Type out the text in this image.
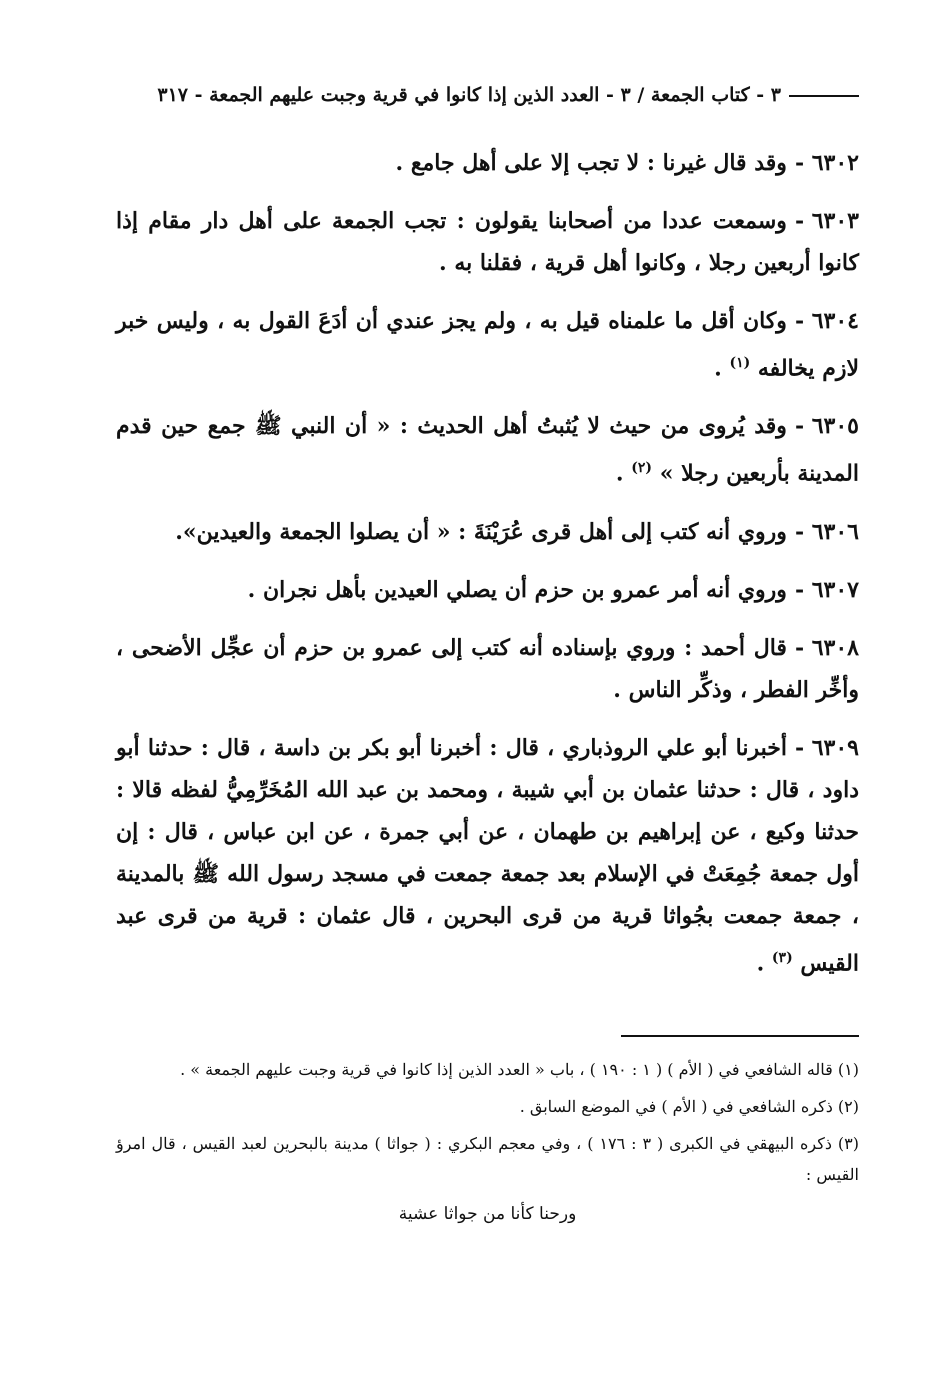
٣ - كتاب الجمعة / ٣ - العدد الذين إذا كانوا في قرية وجبت عليهم الجمعة - ٣١٧

٦٣٠٢ -وقد قال غيرنا : لا تجب إلا على أهل جامع .

٦٣٠٣ -وسمعت عددا من أصحابنا يقولون : تجب الجمعة على أهل دار مقام إذا كانوا أربعين رجلا ، وكانوا أهل قرية ، فقلنا به .

٦٣٠٤ -وكان أقل ما علمناه قيل به ، ولم يجز عندي أن أدَعَ القول به ، وليس خبر لازم يخالفه $^{(١)}$ .

٦٣٠٥ -وقد يُروى من حيث لا يُثبتُ أهل الحديث : « أن النبي ﷺ جمع حين قدم المدينة بأربعين رجلا » $^{(٢)}$ .

٦٣٠٦ -وروي أنه كتب إلى أهل قرى عُرَيْنَةَ : « أن يصلوا الجمعة والعيدين».

٦٣٠٧ -وروي أنه أمر عمرو بن حزم أن يصلي العيدين بأهل نجران .

٦٣٠٨ -قال أحمد : وروي بإسناده أنه كتب إلى عمرو بن حزم أن عجِّل الأضحى ، وأخِّر الفطر ، وذكِّر الناس .

٦٣٠٩ -أخبرنا أبو علي الروذباري ، قال : أخبرنا أبو بكر بن داسة ، قال : حدثنا أبو داود ، قال : حدثنا عثمان بن أبي شيبة ، ومحمد بن عبد الله المُخَرِّمِيُّ لفظه قالا : حدثنا وكيع ، عن إبراهيم بن طهمان ، عن أبي جمرة ، عن ابن عباس ، قال : إن أول جمعة جُمِعَتْ في الإسلام بعد جمعة جمعت في مسجد رسول الله ﷺ بالمدينة ، جمعة جمعت بجُواثا قرية من قرى البحرين ، قال عثمان : قرية من قرى عبد القيس $^{(٣)}$ .

(١) قاله الشافعي في ( الأم ) ( ١ : ١٩٠ ) ، باب « العدد الذين إذا كانوا في قرية وجبت عليهم الجمعة » .

(٢) ذكره الشافعي في ( الأم ) في الموضع السابق .

(٣) ذكره البيهقي في الكبرى ( ٣ : ١٧٦ ) ، وفي معجم البكري : ( جواثا ) مدينة بالبحرين لعبد القيس ، قال امرؤ القيس :

ورحنا كأنا من جواثا عشية
